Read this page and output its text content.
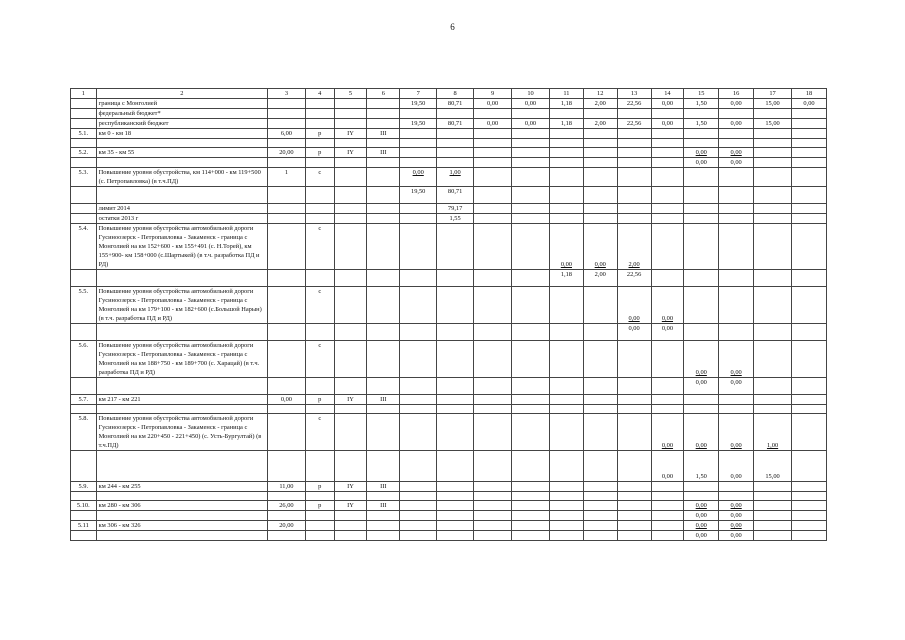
6
1	2	3	4	5	6	7	8	9	10	11	12	13	14	15	16	17	18
	граница с Монголией					19,50	80,71	0,00	0,00	1,18	2,00	22,56	0,00	1,50	0,00	15,00	0,00
	федеральный бюджет*																
	республиканский бюджет					19,50	80,71	0,00	0,00	1,18	2,00	22,56	0,00	1,50	0,00	15,00	
5.1.	км 0 - км 18	6,00	р	IY	III												

5.2.	км 35 - км 55	20,00	р	IY	III									0,00	0,00		
														0,00	0,00		
5.3.	Повышение уровня обустройства, км 114+000 - км 119+500 (с. Петропавловка) (в т.ч.ПД)	1	с			0,00	1,00										
						19,50	80,71										
	лимит 2014						79,17										
	остатки 2013 г						1,55										
5.4.	Повышение уровня обустройства автомобильной дороги Гусиноозерск - Петропавловка - Закаменск - граница с Монголией на км 152+600 - км 155+491 (с. Н.Торей), км 155+900- км 158+000 (с.Шартыкей) (в т.ч. разработка ПД и РД)		с							0,00	0,00	2,00					
										1,18	2,00	22,56					
5.5.	Повышение уровня обустройства автомобильной дороги Гусиноозерск - Петропавловка - Закаменск - граница с Монголией на км 179+100 - км 182+600 (с.Большой Нарын) (в т.ч. разработка ПД и РД)		с									0,00	0,00				
												0,00	0,00				
5.6.	Повышение уровня обустройства автомобильной дороги Гусиноозерск - Петропавловка - Закаменск - граница с Монголией на км 188+750 - км 189+700 (с. Харацай) (в т.ч. разработка ПД и РД)		с											0,00	0,00		
														0,00	0,00		
5.7.	км 217 - км 221	0,00	р	IY	III												

5.8.	Повышение уровня обустройства автомобильной дороги Гусиноозерск - Петропавловка - Закаменск - граница с Монголией на км 220+450 - 221+450) (с. Усть-Бургултай) (в т.ч.ПД)		с										0,00	0,00	0,00	1,00	
													0,00	1,50	0,00	15,00	
5.9.	км 244 - км 255	11,00	р	IY	III												

5.10.	км 280 - км 306	26,00	р	IY	III									0,00	0,00		
														0,00	0,00		
5.11	км 306 - км 326	20,00												0,00	0,00		
														0,00	0,00		
